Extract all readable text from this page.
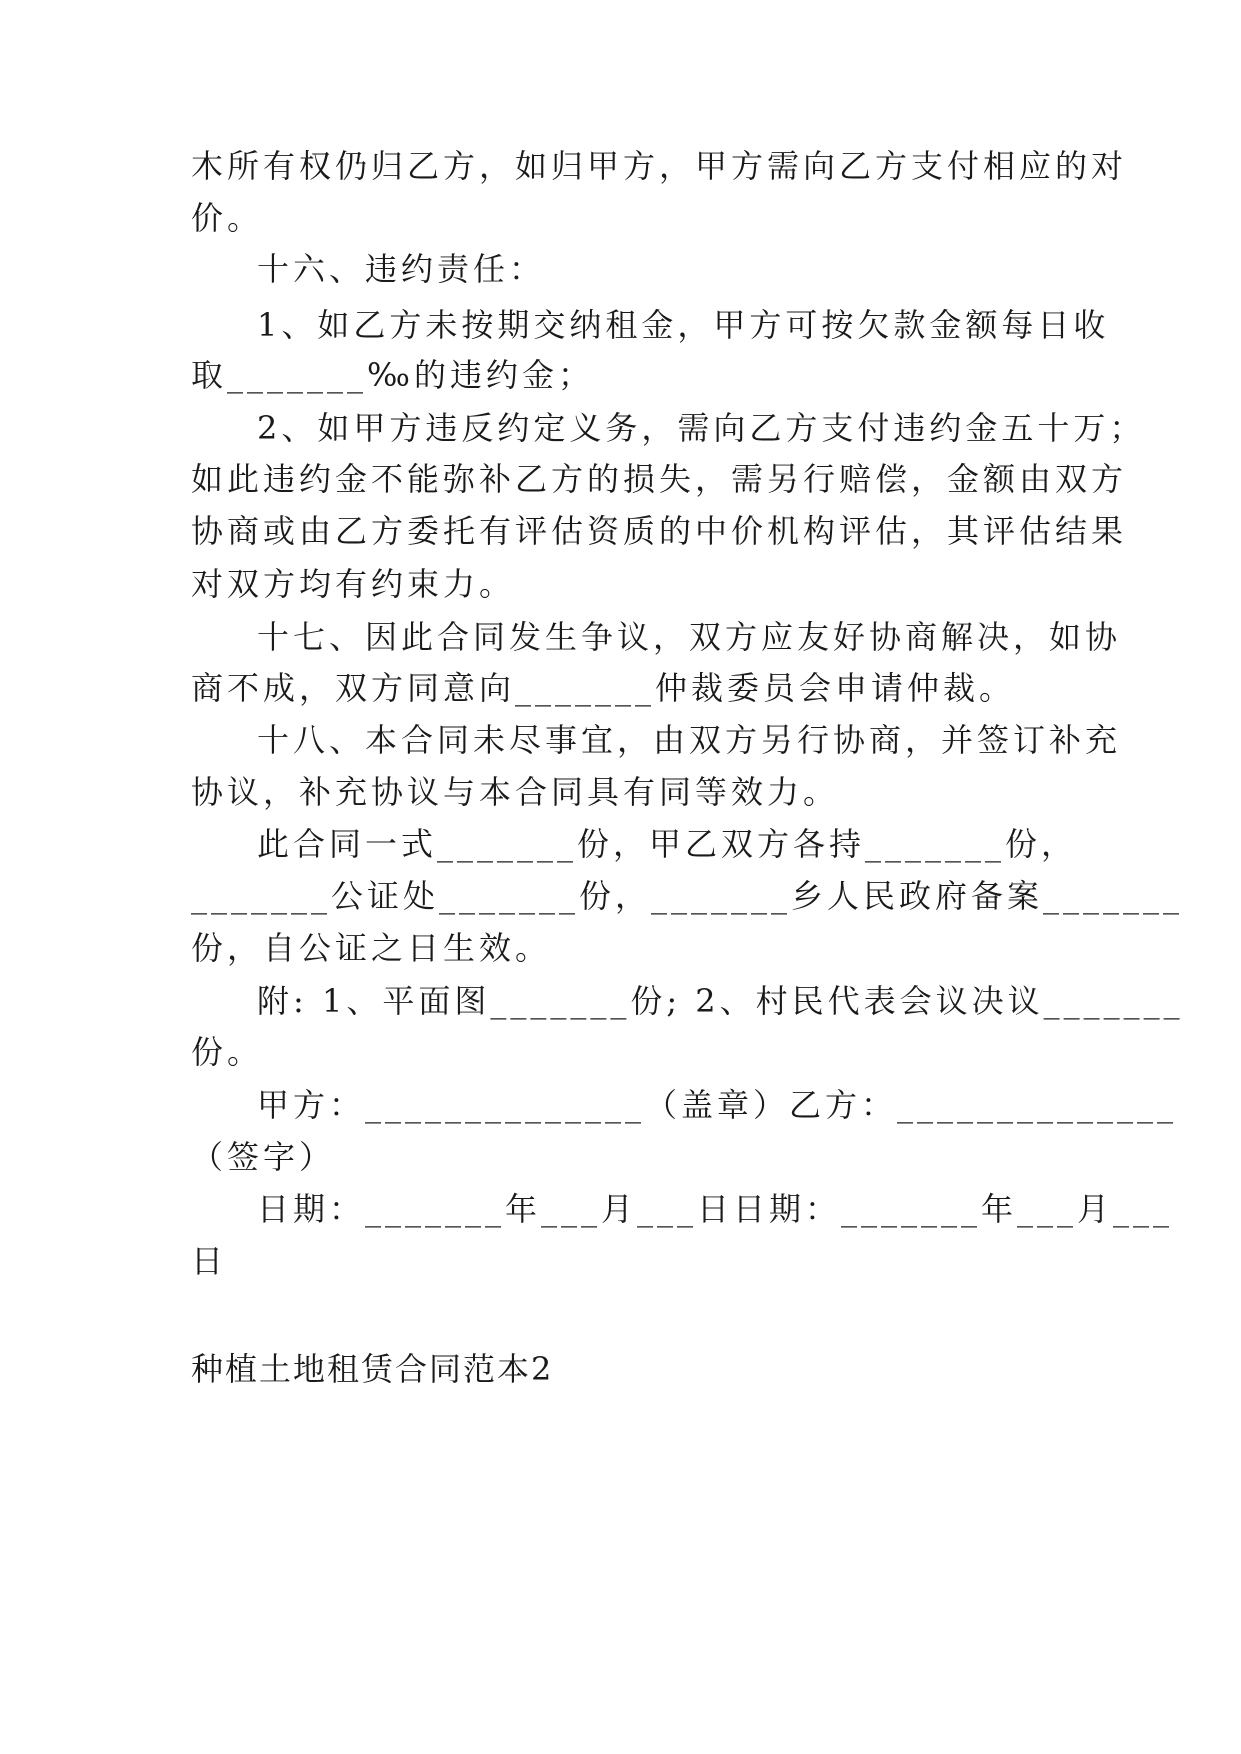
木所有权仍归乙方，如归甲方，甲方需向乙方支付相应的对
价。
十六、违约责任：
1、如乙方未按期交纳租金，甲方可按欠款金额每日收
取_______‰的违约金；
2、如甲方违反约定义务，需向乙方支付违约金五十万；
如此违约金不能弥补乙方的损失，需另行赔偿，金额由双方
协商或由乙方委托有评估资质的中价机构评估，其评估结果
对双方均有约束力。
十七、因此合同发生争议，双方应友好协商解决，如协
商不成，双方同意向_______仲裁委员会申请仲裁。
十八、本合同未尽事宜，由双方另行协商，并签订补充
协议，补充协议与本合同具有同等效力。
此合同一式_______份，甲乙双方各持_______份，
_______公证处_______份，_______乡人民政府备案_______
份，自公证之日生效。
附: 1、平面图_______份; 2、村民代表会议决议_______
份。
甲方：______________（盖章）乙方：______________
（签字）
日期：_______年___月___日日期：_______年___月___
日
种植土地租赁合同范本2
